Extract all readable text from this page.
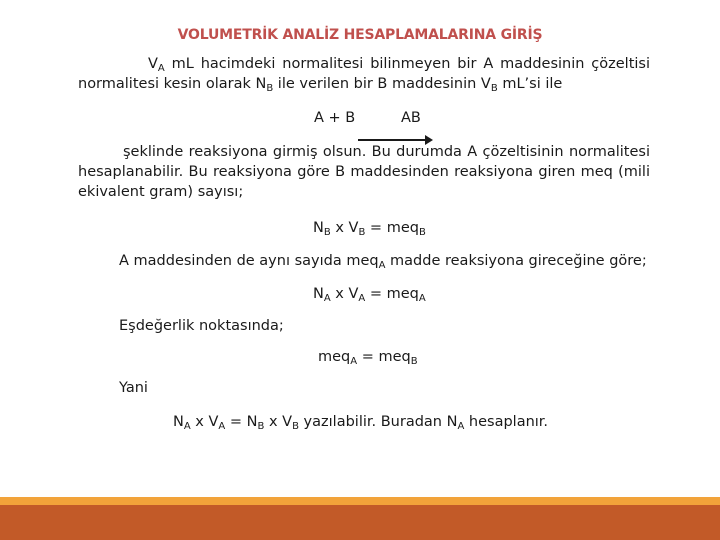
VOLUMETRİK ANALİZ HESAPLAMALARINA GİRİŞ
$V_A$ mL hacimdeki normalitesi bilinmeyen bir A maddesinin çözeltisi normalitesi kesin olarak $N_B$ ile verilen bir B maddesinin $V_B$ mL’si ile
A + B	AB
şeklinde reaksiyona girmiş olsun. Bu durumda A çözeltisinin normalitesi hesaplanabilir. Bu reaksiyona göre B maddesinden reaksiyona giren meq (mili ekivalent gram) sayısı;
$N_B$ x $V_B = meq_B$
A maddesinden de aynı sayıda meq$_A$ madde reaksiyona gireceğine göre;
$N_A$ x $V_A = meq_A$
Eşdeğerlik noktasında;
meq$_A$ = meq$_B$
Yani
$N_A$ x $V_A = N_B$ x $V_B$ yazılabilir. Buradan $N_A$ hesaplanır.
